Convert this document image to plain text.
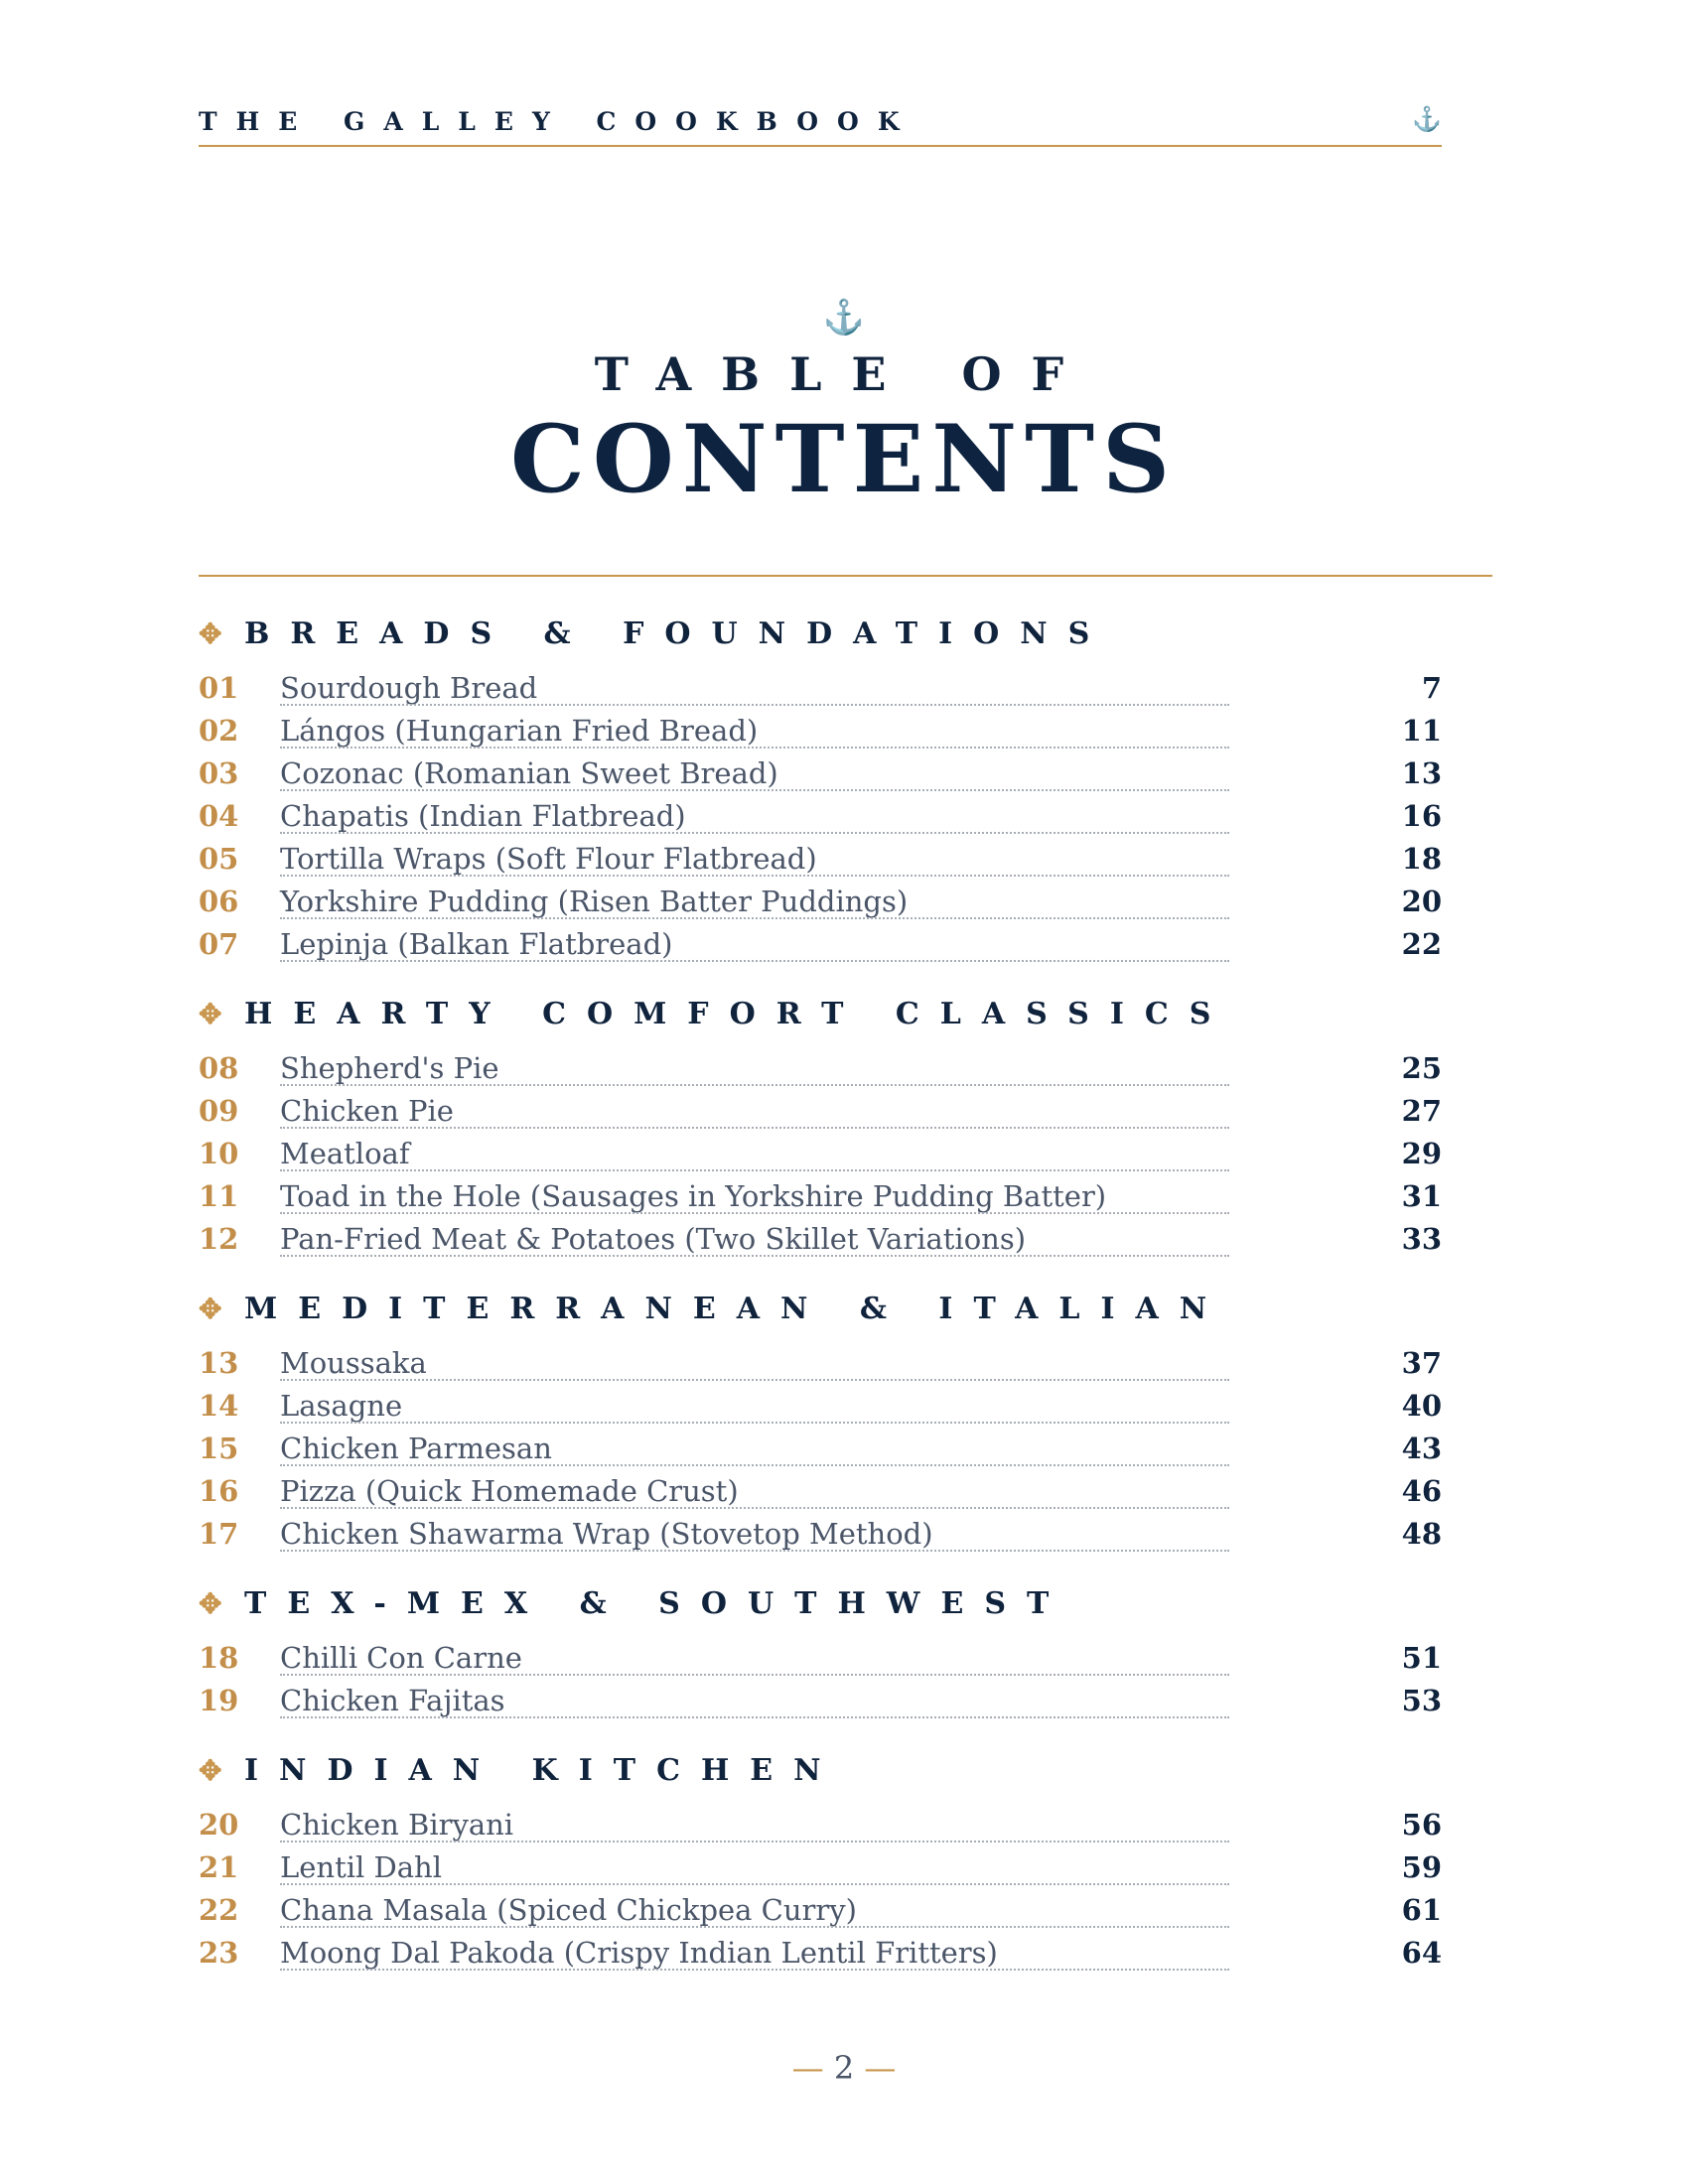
THE GALLEY COOKBOOK	⚓
⚓
TABLE OF
CONTENTS
✥ BREADS & FOUNDATIONS
01 Sourdough Bread	7
02 Lángos (Hungarian Fried Bread)	11
03 Cozonac (Romanian Sweet Bread)	13
04 Chapatis (Indian Flatbread)	16
05 Tortilla Wraps (Soft Flour Flatbread)	18
06 Yorkshire Pudding (Risen Batter Puddings)	20
07 Lepinja (Balkan Flatbread)	22
✥ HEARTY COMFORT CLASSICS
08 Shepherd's Pie	25
09 Chicken Pie	27
10 Meatloaf	29
11 Toad in the Hole (Sausages in Yorkshire Pudding Batter)	31
12 Pan-Fried Meat & Potatoes (Two Skillet Variations)	33
✥ MEDITERRANEAN & ITALIAN
13 Moussaka	37
14 Lasagne	40
15 Chicken Parmesan	43
16 Pizza (Quick Homemade Crust)	46
17 Chicken Shawarma Wrap (Stovetop Method)	48
✥ TEX-MEX & SOUTHWEST
18 Chilli Con Carne	51
19 Chicken Fajitas	53
✥ INDIAN KITCHEN
20 Chicken Biryani	56
21 Lentil Dahl	59
22 Chana Masala (Spiced Chickpea Curry)	61
23 Moong Dal Pakoda (Crispy Indian Lentil Fritters)	64
— 2 —
